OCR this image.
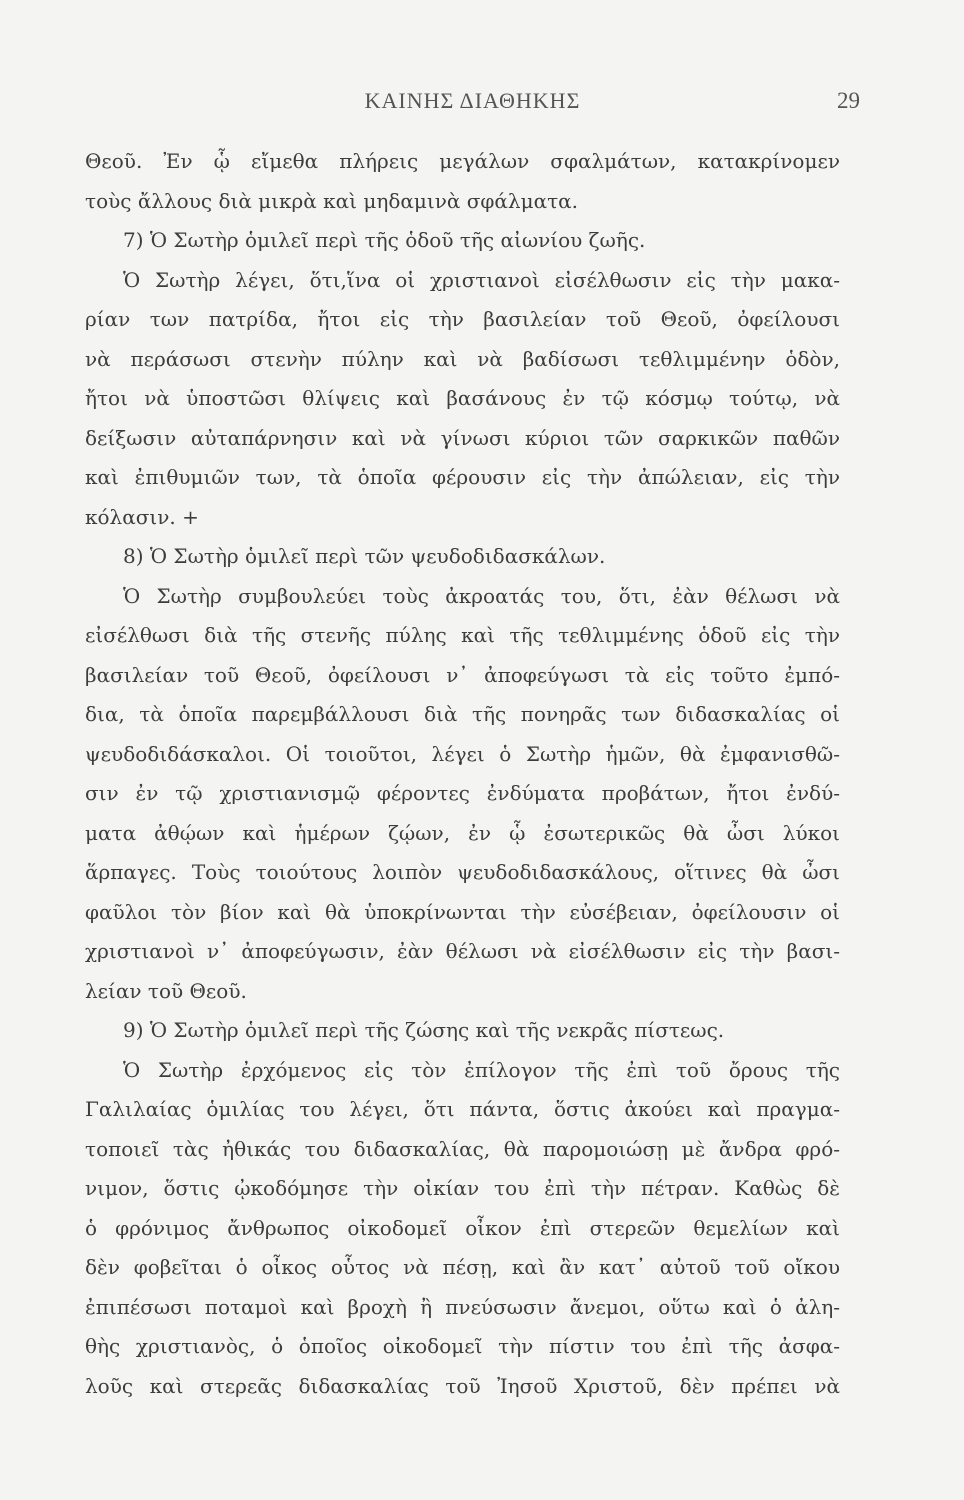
ΚΑΙΝΗΣ ΔΙΑΘΗΚΗΣ	29
Θεοῦ. Ἐν ᾧ εἴμεθα πλήρεις μεγάλων σφαλμάτων, κατακρίνομεν
τοὺς ἄλλους διὰ μικρὰ καὶ μηδαμινὰ σφάλματα.
7) Ὁ Σωτὴρ ὁμιλεῖ περὶ τῆς ὁδοῦ τῆς αἰωνίου ζωῆς.
Ὁ Σωτὴρ λέγει, ὅτι,ἵνα οἱ χριστιανοὶ εἰσέλθωσιν εἰς τὴν μακα-
ρίαν των πατρίδα, ἤτοι εἰς τὴν βασιλείαν τοῦ Θεοῦ, ὀφείλουσι
νὰ περάσωσι στενὴν πύλην καὶ νὰ βαδίσωσι τεθλιμμένην ὁδὸν,
ἤτοι νὰ ὑποστῶσι θλίψεις καὶ βασάνους ἐν τῷ κόσμῳ τούτῳ, νὰ
δείξωσιν αὐταπάρνησιν καὶ νὰ γίνωσι κύριοι τῶν σαρκικῶν παθῶν
καὶ ἐπιθυμιῶν των, τὰ ὁποῖα φέρουσιν εἰς τὴν ἀπώλειαν, εἰς τὴν
κόλασιν. +
8) Ὁ Σωτὴρ ὁμιλεῖ περὶ τῶν ψευδοδιδασκάλων.
Ὁ Σωτὴρ συμβουλεύει τοὺς ἀκροατάς του, ὅτι, ἐὰν θέλωσι νὰ
εἰσέλθωσι διὰ τῆς στενῆς πύλης καὶ τῆς τεθλιμμένης ὁδοῦ εἰς τὴν
βασιλείαν τοῦ Θεοῦ, ὀφείλουσι ν᾽ ἀποφεύγωσι τὰ εἰς τοῦτο ἐμπό-
δια, τὰ ὁποῖα παρεμβάλλουσι διὰ τῆς πονηρᾶς των διδασκαλίας οἱ
ψευδοδιδάσκαλοι. Οἱ τοιοῦτοι, λέγει ὁ Σωτὴρ ἡμῶν, θὰ ἐμφανισθῶ-
σιν ἐν τῷ χριστιανισμῷ φέροντες ἐνδύματα προβάτων, ἤτοι ἐνδύ-
ματα ἀθῴων καὶ ἡμέρων ζῴων, ἐν ᾧ ἐσωτερικῶς θὰ ὦσι λύκοι
ἅρπαγες. Τοὺς τοιούτους λοιπὸν ψευδοδιδασκάλους, οἵτινες θὰ ὦσι
φαῦλοι τὸν βίον καὶ θὰ ὑποκρίνωνται τὴν εὐσέβειαν, ὀφείλουσιν οἱ
χριστιανοὶ ν᾽ ἀποφεύγωσιν, ἐὰν θέλωσι νὰ εἰσέλθωσιν εἰς τὴν βασι-
λείαν τοῦ Θεοῦ.
9) Ὁ Σωτὴρ ὁμιλεῖ περὶ τῆς ζώσης καὶ τῆς νεκρᾶς πίστεως.
Ὁ Σωτὴρ ἐρχόμενος εἰς τὸν ἐπίλογον τῆς ἐπὶ τοῦ ὄρους τῆς
Γαλιλαίας ὁμιλίας του λέγει, ὅτι πάντα, ὅστις ἀκούει καὶ πραγμα-
τοποιεῖ τὰς ἠθικάς του διδασκαλίας, θὰ παρομοιώσῃ μὲ ἄνδρα φρό-
νιμον, ὅστις ᾠκοδόμησε τὴν οἰκίαν του ἐπὶ τὴν πέτραν. Καθὼς δὲ
ὁ φρόνιμος ἄνθρωπος οἰκοδομεῖ οἶκον ἐπὶ στερεῶν θεμελίων καὶ
δὲν φοβεῖται ὁ οἶκος οὗτος νὰ πέσῃ, καὶ ἂν κατ᾽ αὐτοῦ τοῦ οἴκου
ἐπιπέσωσι ποταμοὶ καὶ βροχὴ ἢ πνεύσωσιν ἄνεμοι, οὕτω καὶ ὁ ἀλη-
θὴς χριστιανὸς, ὁ ὁποῖος οἰκοδομεῖ τὴν πίστιν του ἐπὶ τῆς ἀσφα-
λοῦς καὶ στερεᾶς διδασκαλίας τοῦ Ἰησοῦ Χριστοῦ, δὲν πρέπει νὰ
